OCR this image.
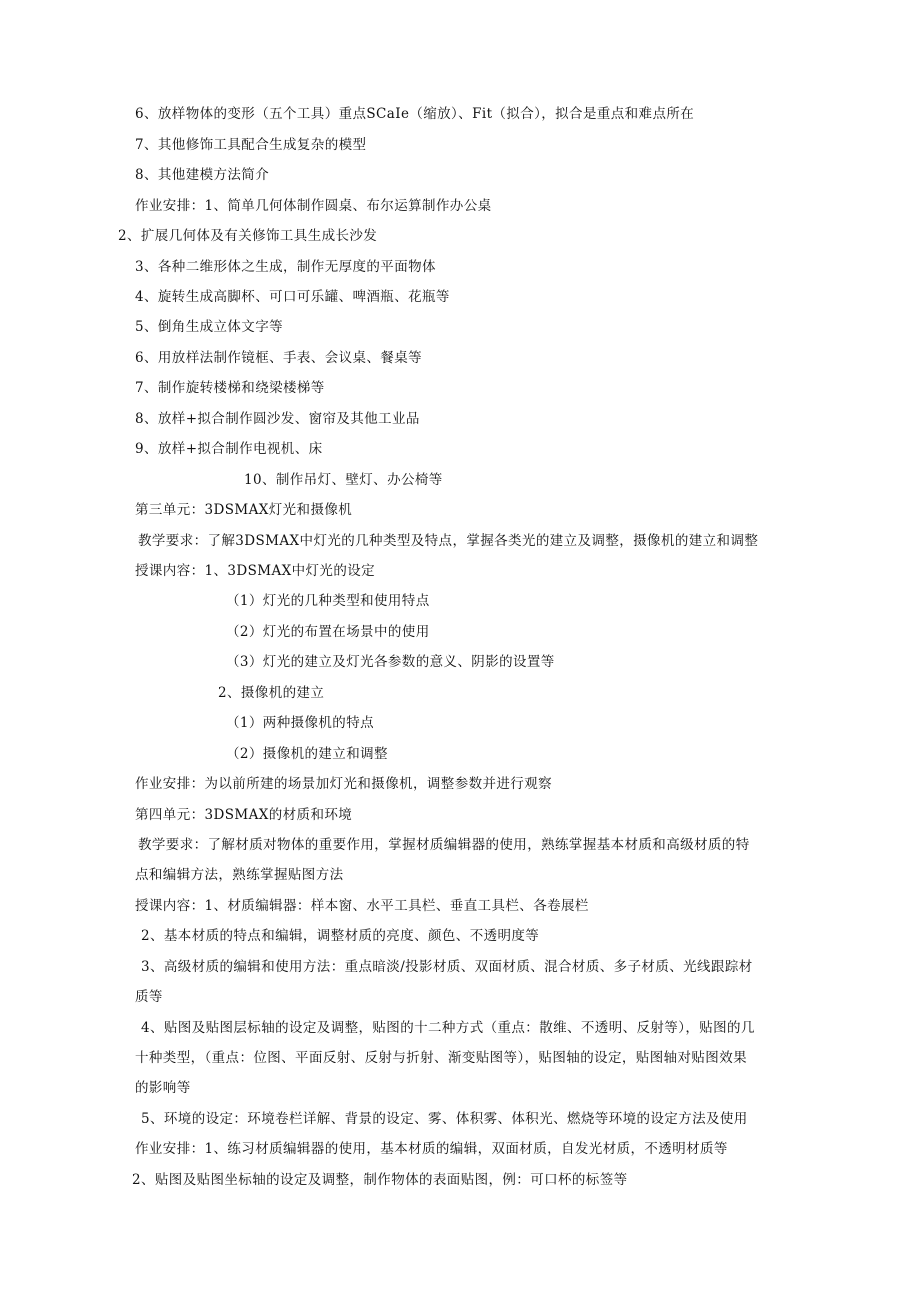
6、放样物体的变形（五个工具）重点SCaIe（缩放）、Fit（拟合），拟合是重点和难点所在
7、其他修饰工具配合生成复杂的模型
8、其他建模方法简介
作业安排：1、简单几何体制作圆桌、布尔运算制作办公桌
2、扩展几何体及有关修饰工具生成长沙发
3、各种二维形体之生成，制作无厚度的平面物体
4、旋转生成高脚杯、可口可乐罐、啤酒瓶、花瓶等
5、倒角生成立体文字等
6、用放样法制作镜框、手表、会议桌、餐桌等
7、制作旋转楼梯和绕梁楼梯等
8、放样+拟合制作圆沙发、窗帘及其他工业品
9、放样+拟合制作电视机、床
10、制作吊灯、壁灯、办公椅等
第三单元：3DSMAX灯光和摄像机
教学要求：了解3DSMAX中灯光的几种类型及特点，掌握各类光的建立及调整，摄像机的建立和调整
授课内容：1、3DSMAX中灯光的设定
（1）灯光的几种类型和使用特点
（2）灯光的布置在场景中的使用
（3）灯光的建立及灯光各参数的意义、阴影的设置等
2、摄像机的建立
（1）两种摄像机的特点
（2）摄像机的建立和调整
作业安排：为以前所建的场景加灯光和摄像机，调整参数并进行观察
第四单元：3DSMAX的材质和环境
教学要求：了解材质对物体的重要作用，掌握材质编辑器的使用，熟练掌握基本材质和高级材质的特
点和编辑方法，熟练掌握贴图方法
授课内容：1、材质编辑器：样本窗、水平工具栏、垂直工具栏、各卷展栏
2、基本材质的特点和编辑，调整材质的亮度、颜色、不透明度等
3、高级材质的编辑和使用方法：重点暗淡/投影材质、双面材质、混合材质、多子材质、光线跟踪材
质等
4、贴图及贴图层标轴的设定及调整，贴图的十二种方式（重点：散维、不透明、反射等），贴图的几
十种类型，（重点：位图、平面反射、反射与折射、渐变贴图等），贴图轴的设定，贴图轴对贴图效果
的影响等
5、环境的设定：环境卷栏详解、背景的设定、雾、体积雾、体积光、燃烧等环境的设定方法及使用
作业安排：1、练习材质编辑器的使用，基本材质的编辑，双面材质，自发光材质，不透明材质等
2、贴图及贴图坐标轴的设定及调整，制作物体的表面贴图，例：可口杯的标签等
